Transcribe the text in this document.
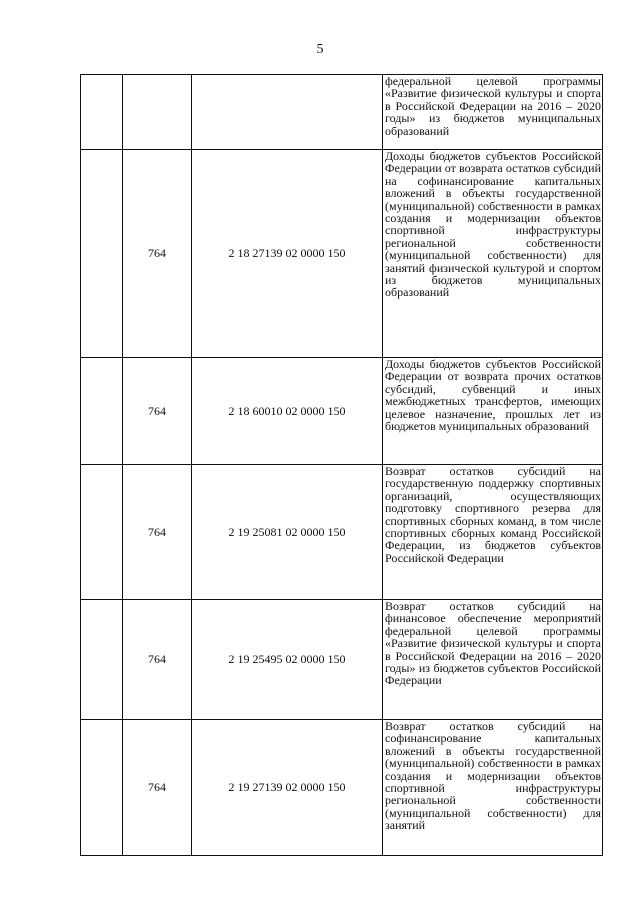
5

			федеральной целевой программы «Развитие физической культуры и спорта в Российской Федерации на 2016 – 2020 годы» из бюджетов муниципальных образований

	764	2 18 27139 02 0000 150	Доходы бюджетов субъектов Российской Федерации от возврата остатков субсидий на софинансирование капитальных вложений в объекты государственной (муниципальной) собственности в рамках создания и модернизации объектов спортивной инфраструктуры региональной собственности (муниципальной собственности) для занятий физической культурой и спортом из бюджетов муниципальных образований

	764	2 18 60010 02 0000 150	Доходы бюджетов субъектов Российской Федерации от возврата прочих остатков субсидий, субвенций и иных межбюджетных трансфертов, имеющих целевое назначение, прошлых лет из бюджетов муниципальных образований

	764	2 19 25081 02 0000 150	Возврат остатков субсидий на государственную поддержку спортивных организаций, осуществляющих подготовку спортивного резерва для спортивных сборных команд, в том числе спортивных сборных команд Российской Федерации, из бюджетов субъектов Российской Федерации

	764	2 19 25495 02 0000 150	Возврат остатков субсидий на финансовое обеспечение мероприятий федеральной целевой программы «Развитие физической культуры и спорта в Российской Федерации на 2016 – 2020 годы» из бюджетов субъектов Российской Федерации

	764	2 19 27139 02 0000 150	Возврат остатков субсидий на софинансирование капитальных вложений в объекты государственной (муниципальной) собственности в рамках создания и модернизации объектов спортивной инфраструктуры региональной собственности (муниципальной собственности) для занятий
